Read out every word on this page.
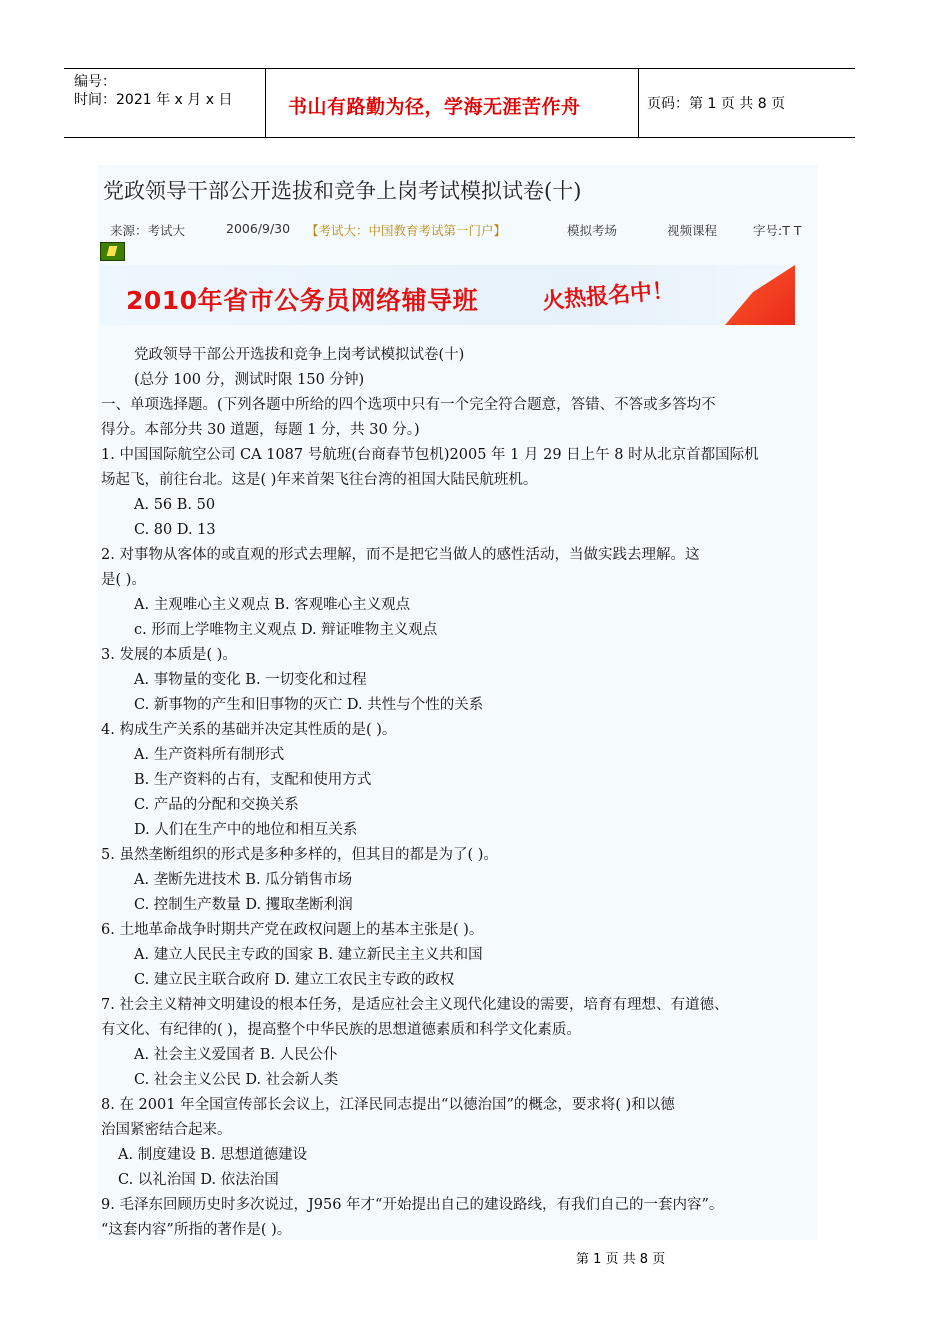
编号：
时间：2021 年 x 月 x 日	书山有路勤为径，学海无涯苦作舟	页码：第 1 页 共 8 页
党政领导干部公开选拔和竞争上岗考试模拟试卷(十)
来源：考试大	2006/9/30 【考试大：中国教育考试第一门户】	模拟考场	视频课程	字号:T T
2010年省市公务员网络辅导班	火热报名中！
党政领导干部公开选拔和竞争上岗考试模拟试卷(十)
(总分 100 分，测试时限 150 分钟)
一、单项选择题。(下列各题中所给的四个选项中只有一个完全符合题意，答错、不答或多答均不
得分。本部分共 30 道题，每题 1 分，共 30 分。)
1. 中国国际航空公司 CA 1087 号航班(台商春节包机)2005 年 1 月 29 日上午 8 时从北京首都国际机
场起飞，前往台北。这是( )年来首架飞往台湾的祖国大陆民航班机。
A. 56 B. 50
C. 80 D. 13
2. 对事物从客体的或直观的形式去理解，而不是把它当做人的感性活动，当做实践去理解。这
是( )。
A. 主观唯心主义观点 B. 客观唯心主义观点
c. 形而上学唯物主义观点 D. 辩证唯物主义观点
3. 发展的本质是( )。
A. 事物量的变化 B. 一切变化和过程
C. 新事物的产生和旧事物的灭亡 D. 共性与个性的关系
4. 构成生产关系的基础并决定其性质的是( )。
A. 生产资料所有制形式
B. 生产资料的占有，支配和使用方式
C. 产品的分配和交换关系
D. 人们在生产中的地位和相互关系
5. 虽然垄断组织的形式是多种多样的，但其目的都是为了( )。
A. 垄断先进技术 B. 瓜分销售市场
C. 控制生产数量 D. 攫取垄断利润
6. 土地革命战争时期共产党在政权问题上的基本主张是( )。
A. 建立人民民主专政的国家 B. 建立新民主主义共和国
C. 建立民主联合政府 D. 建立工农民主专政的政权
7. 社会主义精神文明建设的根本任务，是适应社会主义现代化建设的需要，培育有理想、有道德、
有文化、有纪律的( )，提高整个中华民族的思想道德素质和科学文化素质。
A. 社会主义爱国者 B. 人民公仆
C. 社会主义公民 D. 社会新人类
8. 在 2001 年全国宣传部长会议上，江泽民同志提出“以德治国”的概念，要求将( )和以德
治国紧密结合起来。
A. 制度建设 B. 思想道德建设
C. 以礼治国 D. 依法治国
9. 毛泽东回顾历史时多次说过，J956 年才“开始提出自己的建设路线，有我们自己的一套内容”。
“这套内容”所指的著作是( )。
第 1 页 共 8 页
